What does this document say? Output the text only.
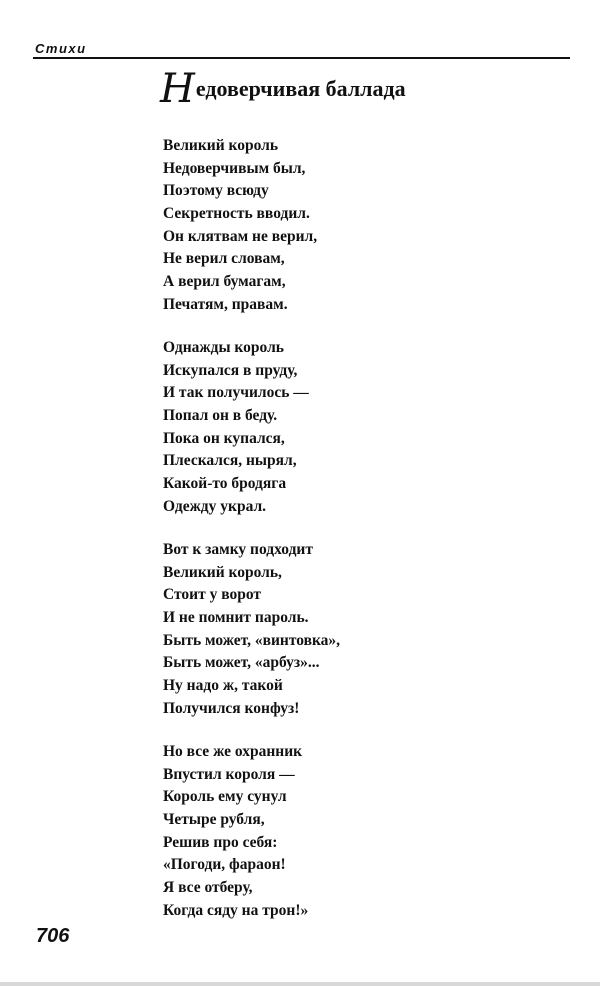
Стихи
Недоверчивая баллада
Великий король
Недоверчивым был,
Поэтому всюду
Секретность вводил.
Он клятвам не верил,
Не верил словам,
А верил бумагам,
Печатям, правам.
Однажды король
Искупался в пруду,
И так получилось —
Попал он в беду.
Пока он купался,
Плескался, нырял,
Какой-то бродяга
Одежду украл.
Вот к замку подходит
Великий король,
Стоит у ворот
И не помнит пароль.
Быть может, «винтовка»,
Быть может, «арбуз»...
Ну надо ж, такой
Получился конфуз!
Но все же охранник
Впустил короля —
Король ему сунул
Четыре рубля,
Решив про себя:
«Погоди, фараон!
Я все отберу,
Когда сяду на трон!»
706
